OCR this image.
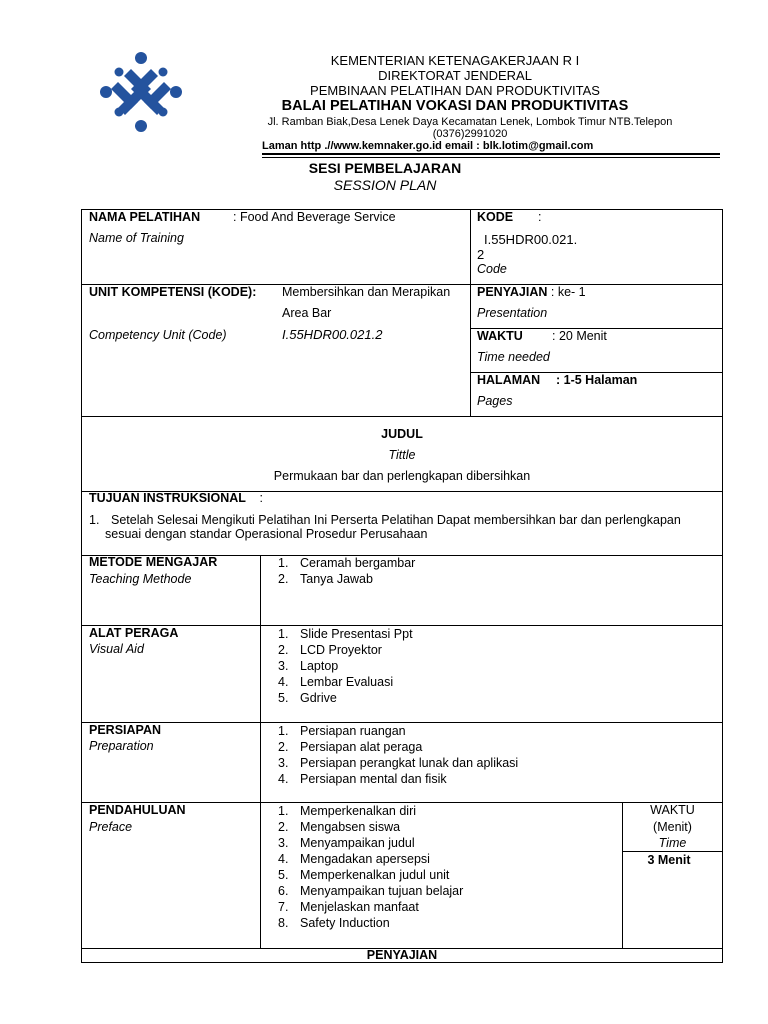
KEMENTERIAN KETENAGAKERJAAN R I
DIREKTORAT JENDERAL
PEMBINAAN PELATIHAN DAN PRODUKTIVITAS
BALAI PELATIHAN VOKASI DAN PRODUKTIVITAS
Jl. Ramban Biak,Desa Lenek Daya Kecamatan Lenek, Lombok Timur NTB.Telepon
(0376)2991020
Laman http .//www.kemnaker.go.id email : blk.lotim@gmail.com
SESI PEMBELAJARAN
SESSION PLAN
NAMA PELATIHAN	: Food And Beverage Service
Name of Training
KODE :
I.55HDR00.021.
2
Code
UNIT KOMPETENSI (KODE): Membersihkan dan Merapikan
Area Bar
Competency Unit (Code)	I.55HDR00.021.2
PENYAJIAN : ke- 1
Presentation
WAKTU : 20 Menit
Time needed
HALAMAN : 1-5 Halaman
Pages
JUDUL
Tittle
Permukaan bar dan perlengkapan dibersihkan
TUJUAN INSTRUKSIONAL :
1. Setelah Selesai Mengikuti Pelatihan Ini Perserta Pelatihan Dapat membersihkan bar dan perlengkapan
sesuai dengan standar Operasional Prosedur Perusahaan
METODE MENGAJAR
Teaching Methode
1. Ceramah bergambar
2. Tanya Jawab
ALAT PERAGA
Visual Aid
1. Slide Presentasi Ppt
2. LCD Proyektor
3. Laptop
4. Lembar Evaluasi
5. Gdrive
PERSIAPAN
Preparation
1. Persiapan ruangan
2. Persiapan alat peraga
3. Persiapan perangkat lunak dan aplikasi
4. Persiapan mental dan fisik
PENDAHULUAN
Preface
1. Memperkenalkan diri
2. Mengabsen siswa
3. Menyampaikan judul
4. Mengadakan apersepsi
5. Memperkenalkan judul unit
6. Menyampaikan tujuan belajar
7. Menjelaskan manfaat
8. Safety Induction
WAKTU
(Menit)
Time
3 Menit
PENYAJIAN
